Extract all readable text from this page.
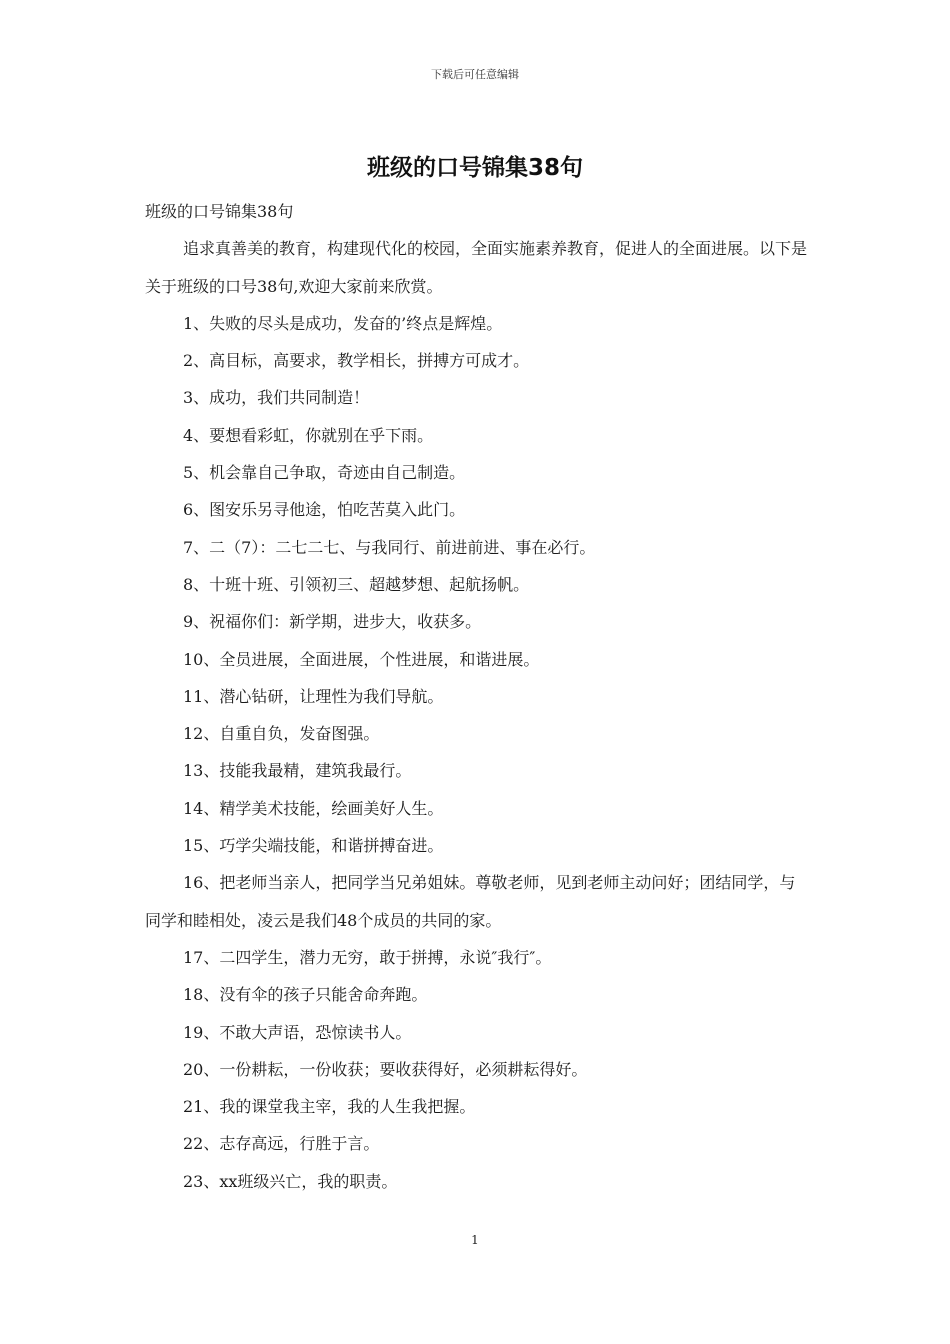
下载后可任意编辑
班级的口号锦集38句

班级的口号锦集38句

追求真善美的教育，构建现代化的校园，全面实施素养教育，促进人的全面进展。以下是关于班级的口号38句,欢迎大家前来欣赏。

1、失败的尽头是成功，发奋的’终点是辉煌。

2、高目标，高要求，教学相长，拼搏方可成才。

3、成功，我们共同制造！

4、要想看彩虹，你就别在乎下雨。

5、机会靠自己争取，奇迹由自己制造。

6、图安乐另寻他途，怕吃苦莫入此门。

7、二（7）：二七二七、与我同行、前进前进、事在必行。

8、十班十班、引领初三、超越梦想、起航扬帆。

9、祝福你们：新学期，进步大，收获多。

10、全员进展，全面进展，个性进展，和谐进展。

11、潜心钻研，让理性为我们导航。

12、自重自负，发奋图强。

13、技能我最精，建筑我最行。

14、精学美术技能，绘画美好人生。

15、巧学尖端技能，和谐拼搏奋进。

16、把老师当亲人，把同学当兄弟姐妹。尊敬老师，见到老师主动问好；团结同学，与同学和睦相处，凌云是我们48个成员的共同的家。

17、二四学生，潜力无穷，敢于拼搏，永说″我行″。

18、没有伞的孩子只能舍命奔跑。

19、不敢大声语，恐惊读书人。

20、一份耕耘，一份收获；要收获得好，必须耕耘得好。

21、我的课堂我主宰，我的人生我把握。

22、志存高远，行胜于言。

23、xx班级兴亡，我的职责。

1
